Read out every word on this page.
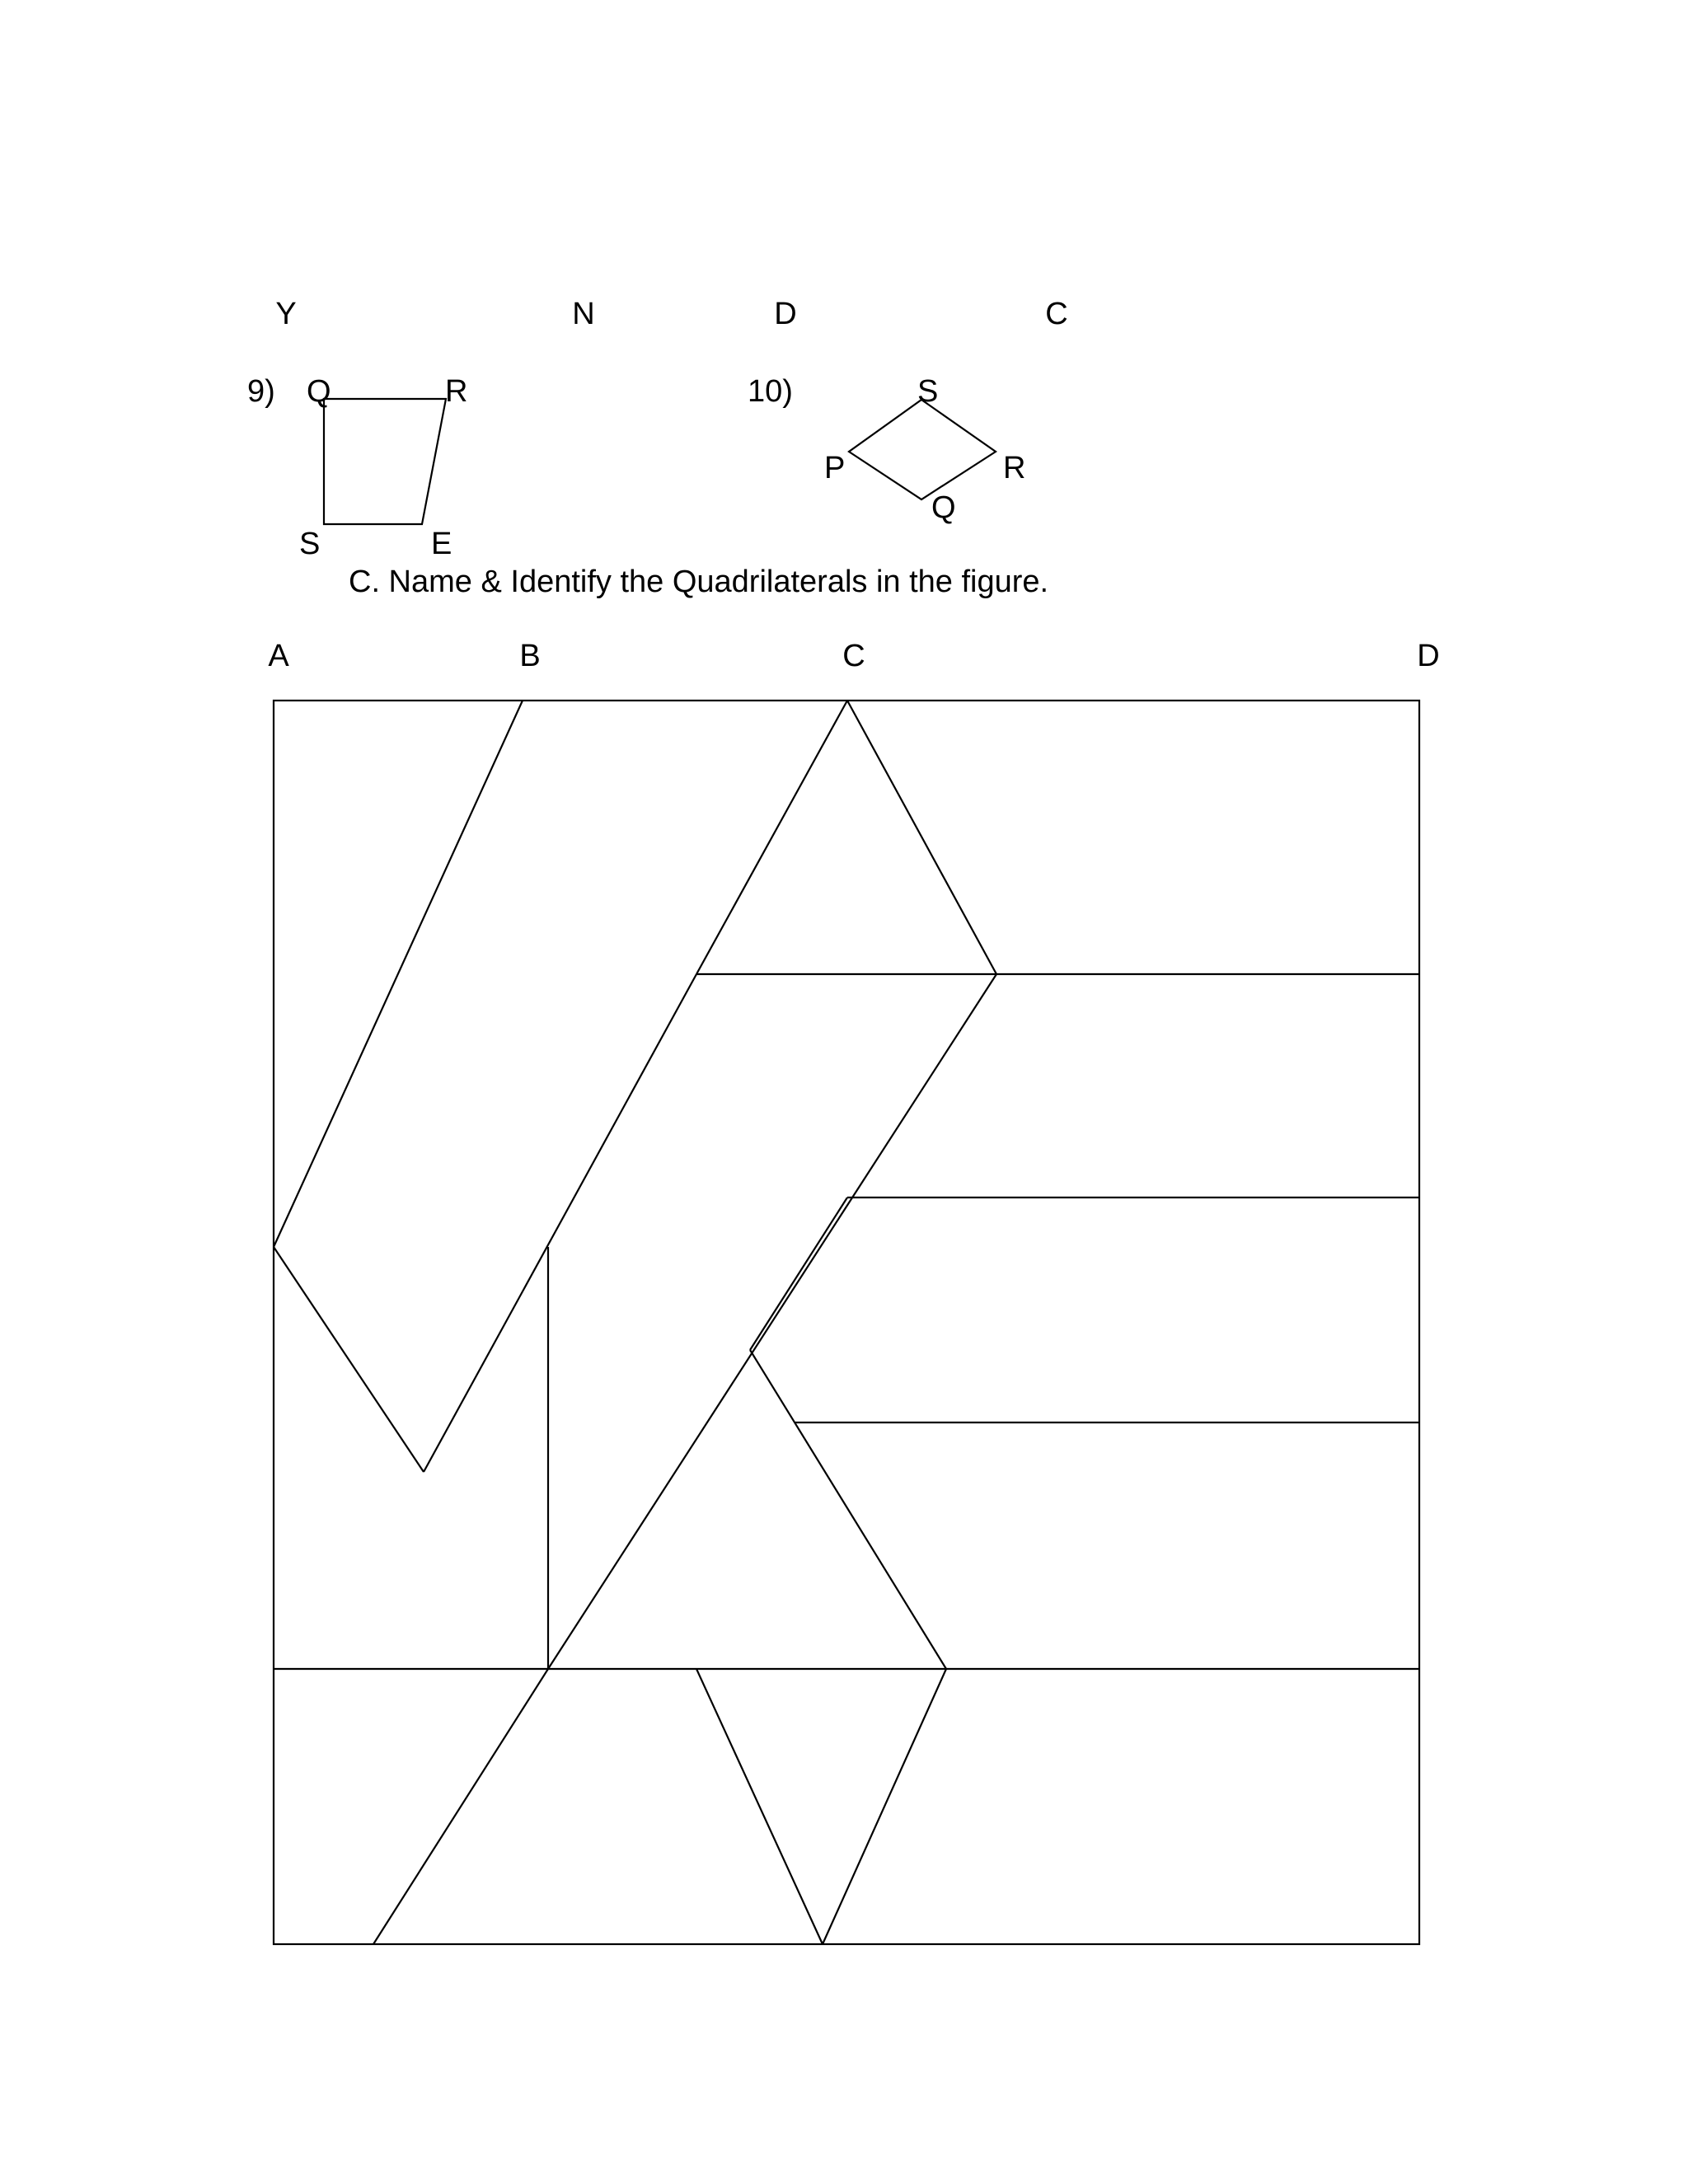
Y	N	D	C
9) Q	R
S	E
10)	S
P	R
Q
C. Name & Identify the Quadrilaterals in the figure.
A	B	C	D
